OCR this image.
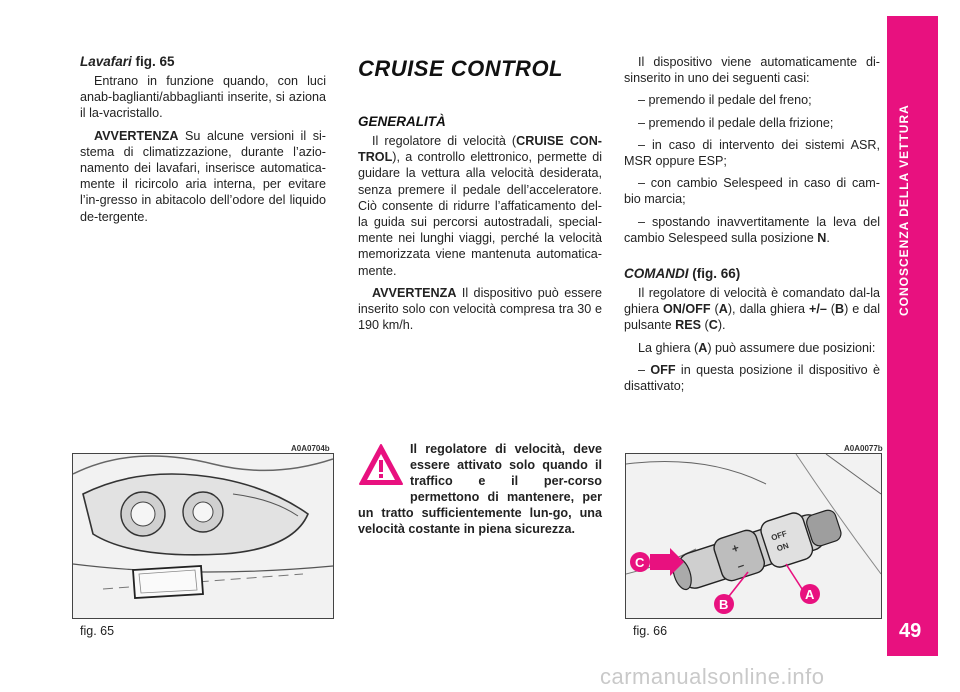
CONOSCENZA DELLA VETTURA
49
Lavafari fig. 65

Entrano in funzione quando, con luci anab-baglianti/abbaglianti inserite, si aziona il la-vacristallo.

AVVERTENZA Su alcune versioni il si-stema di climatizzazione, durante l’azio-namento dei lavafari, inserisce automatica-mente il ricircolo aria interna, per evitare l’in-gresso in abitacolo dell’odore del liquido de-tergente.

CRUISE CONTROL
GENERALITÀ

Il regolatore di velocità (CRUISE CON-TROL), a controllo elettronico, permette di guidare la vettura alla velocità desiderata, senza premere il pedale dell’acceleratore. Ciò consente di ridurre l’affaticamento del-la guida sui percorsi autostradali, special-mente nei lunghi viaggi, perché la velocità memorizzata viene mantenuta automatica-mente.

AVVERTENZA Il dispositivo può essere inserito solo con velocità compresa tra 30 e 190 km/h.

Il regolatore di velocità, deve essere attivato solo quando il traffico e il per-corso permettono di mantenere, per un tratto sufficientemente lun-go, una velocità costante in piena sicurezza.

Il dispositivo viene automaticamente di-sinserito in uno dei seguenti casi:

– premendo il pedale del freno;

– premendo il pedale della frizione;

– in caso di intervento dei sistemi ASR, MSR oppure ESP;

– con cambio Selespeed in caso di cam-bio marcia;

– spostando inavvertitamente la leva del cambio Selespeed sulla posizione N.

COMANDI (fig. 66)

Il regolatore di velocità è comandato dal-la ghiera ON/OFF (A), dalla ghiera +/– (B) e dal pulsante RES (C).

La ghiera (A) può assumere due posizioni:

– OFF in questa posizione il dispositivo è disattivato;

A0A0704b
fig. 65
A0A0077b
+
–
OFF
ON
C
B
A
fig. 66
carmanualsonline.info
